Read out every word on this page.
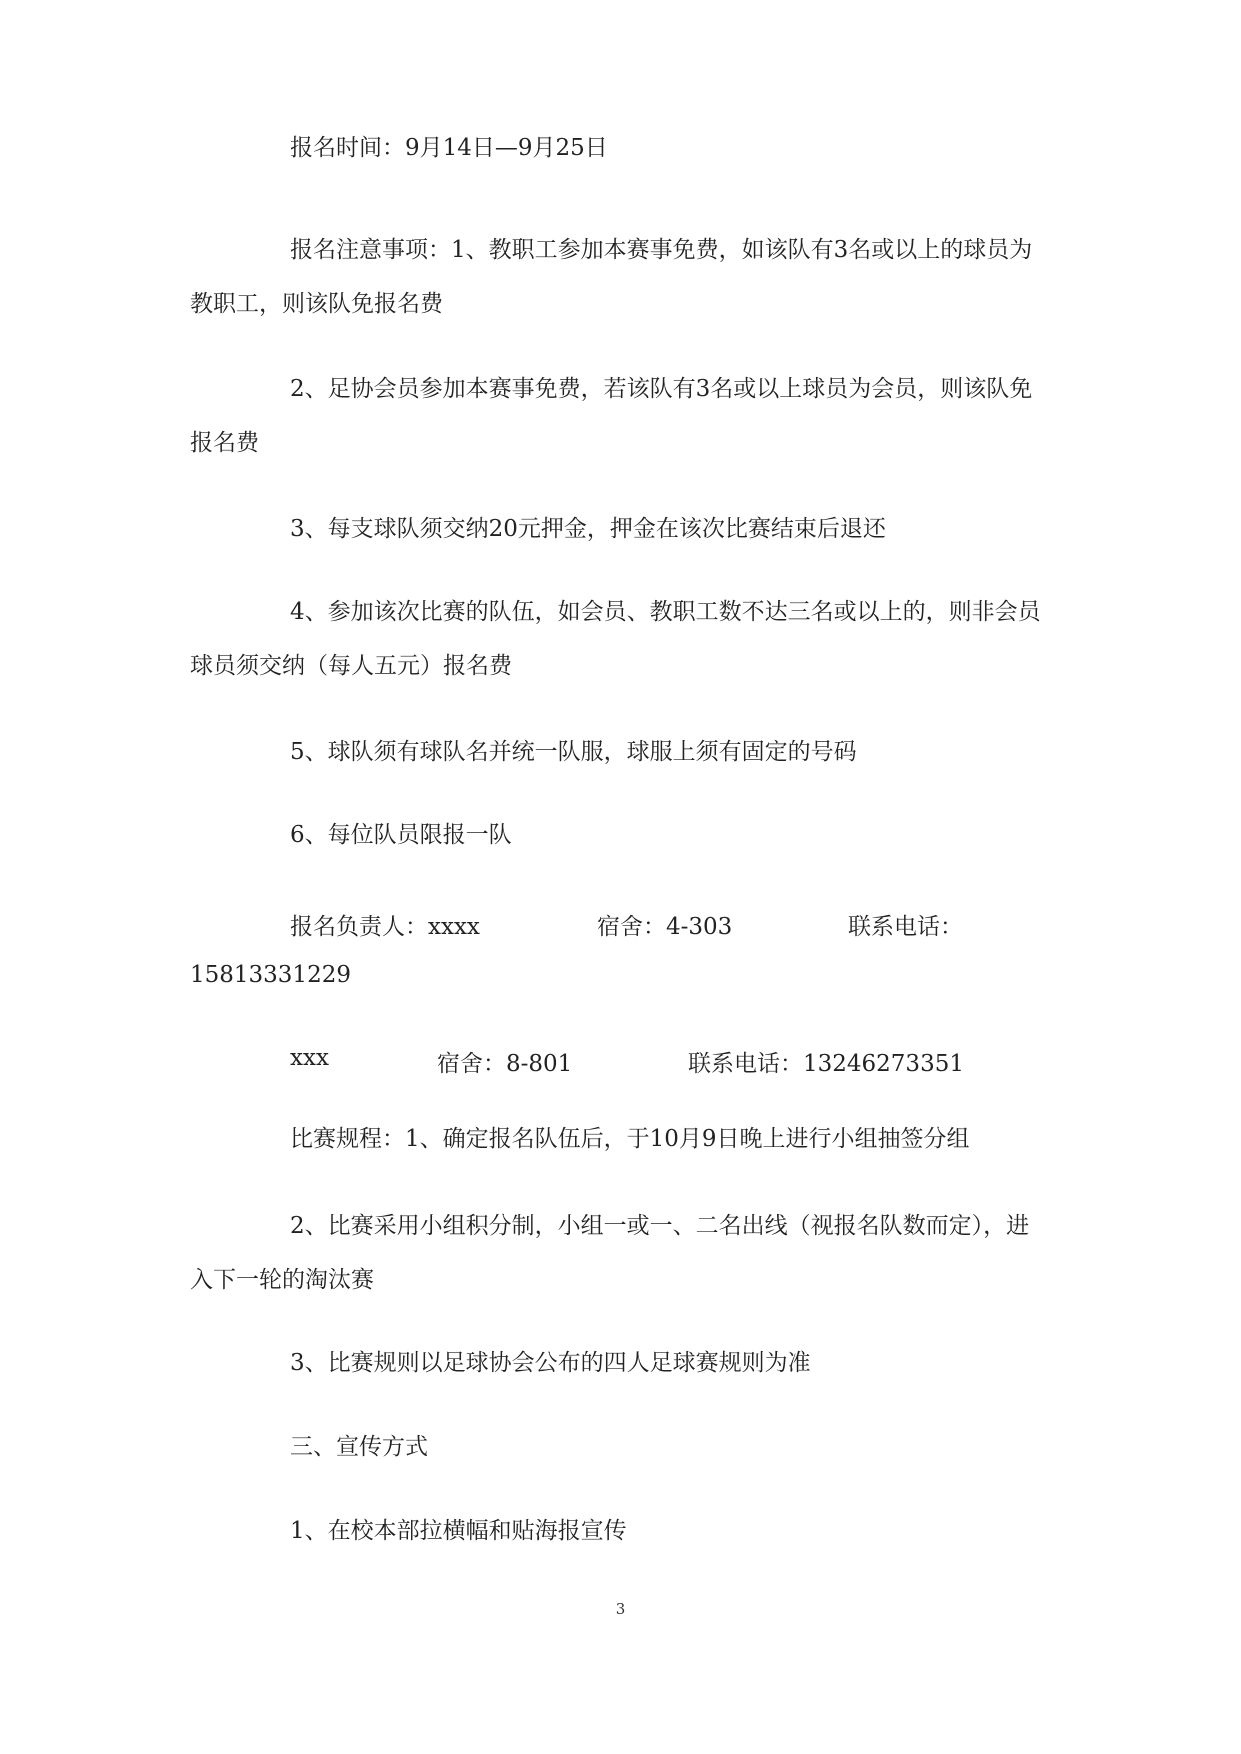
报名时间：9月14日—9月25日
报名注意事项：1、教职工参加本赛事免费，如该队有3名或以上的球员为教职工，则该队免报名费
2、足协会员参加本赛事免费，若该队有3名或以上球员为会员，则该队免报名费
3、每支球队须交纳20元押金，押金在该次比赛结束后退还
4、参加该次比赛的队伍，如会员、教职工数不达三名或以上的，则非会员球员须交纳（每人五元）报名费
5、球队须有球队名并统一队服，球服上须有固定的号码
6、每位队员限报一队
报名负责人：xxxx	宿舍：4-303	联系电话：
15813331229
xxx	宿舍：8-801	联系电话：13246273351
比赛规程：1、确定报名队伍后，于10月9日晚上进行小组抽签分组
2、比赛采用小组积分制，小组一或一、二名出线（视报名队数而定），进入下一轮的淘汰赛
3、比赛规则以足球协会公布的四人足球赛规则为准
三、宣传方式
1、在校本部拉横幅和贴海报宣传
3
